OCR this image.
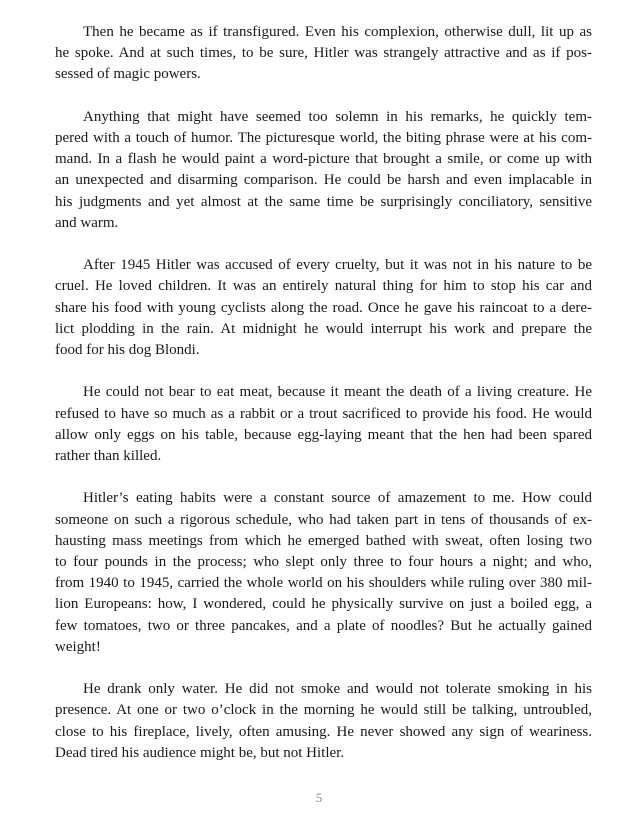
Then he became as if transfigured. Even his complexion, otherwise dull, lit up as
he spoke. And at such times, to be sure, Hitler was strangely attractive and as if pos-
sessed of magic powers.

Anything that might have seemed too solemn in his remarks, he quickly tem-
pered with a touch of humor. The picturesque world, the biting phrase were at his com-
mand. In a flash he would paint a word-picture that brought a smile, or come up with
an unexpected and disarming comparison. He could be harsh and even implacable in
his judgments and yet almost at the same time be surprisingly conciliatory, sensitive
and warm.

After 1945 Hitler was accused of every cruelty, but it was not in his nature to be
cruel. He loved children. It was an entirely natural thing for him to stop his car and
share his food with young cyclists along the road. Once he gave his raincoat to a dere-
lict plodding in the rain. At midnight he would interrupt his work and prepare the
food for his dog Blondi.

He could not bear to eat meat, because it meant the death of a living creature. He
refused to have so much as a rabbit or a trout sacrificed to provide his food. He would
allow only eggs on his table, because egg-laying meant that the hen had been spared
rather than killed.

Hitler’s eating habits were a constant source of amazement to me. How could
someone on such a rigorous schedule, who had taken part in tens of thousands of ex-
hausting mass meetings from which he emerged bathed with sweat, often losing two
to four pounds in the process; who slept only three to four hours a night; and who,
from 1940 to 1945, carried the whole world on his shoulders while ruling over 380 mil-
lion Europeans: how, I wondered, could he physically survive on just a boiled egg, a
few tomatoes, two or three pancakes, and a plate of noodles? But he actually gained
weight!

He drank only water. He did not smoke and would not tolerate smoking in his
presence. At one or two o’clock in the morning he would still be talking, untroubled,
close to his fireplace, lively, often amusing. He never showed any sign of weariness.
Dead tired his audience might be, but not Hitler.

5
